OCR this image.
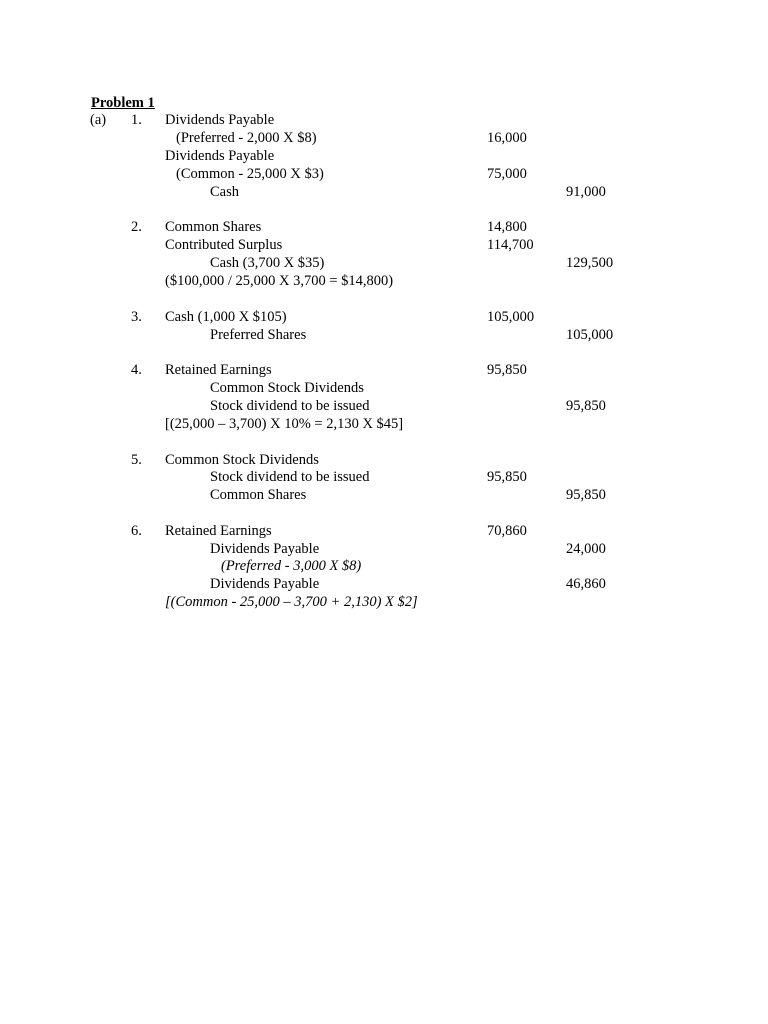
Problem 1
(a) 1. Dividends Payable
(Preferred - 2,000 X $8)	16,000
Dividends Payable
(Common - 25,000 X $3)	75,000
Cash	91,000
2. Common Shares	14,800
Contributed Surplus	114,700
Cash (3,700 X $35)	129,500
($100,000 / 25,000 X 3,700 = $14,800)
3. Cash (1,000 X $105)	105,000
Preferred Shares	105,000
4. Retained Earnings	95,850
Common Stock Dividends
Stock dividend to be issued	95,850
[(25,000 – 3,700) X 10% = 2,130 X $45]
5. Common Stock Dividends
Stock dividend to be issued	95,850
Common Shares	95,850
6. Retained Earnings	70,860
Dividends Payable	24,000
(Preferred - 3,000 X $8)
Dividends Payable	46,860
[(Common - 25,000 – 3,700 + 2,130) X $2]
